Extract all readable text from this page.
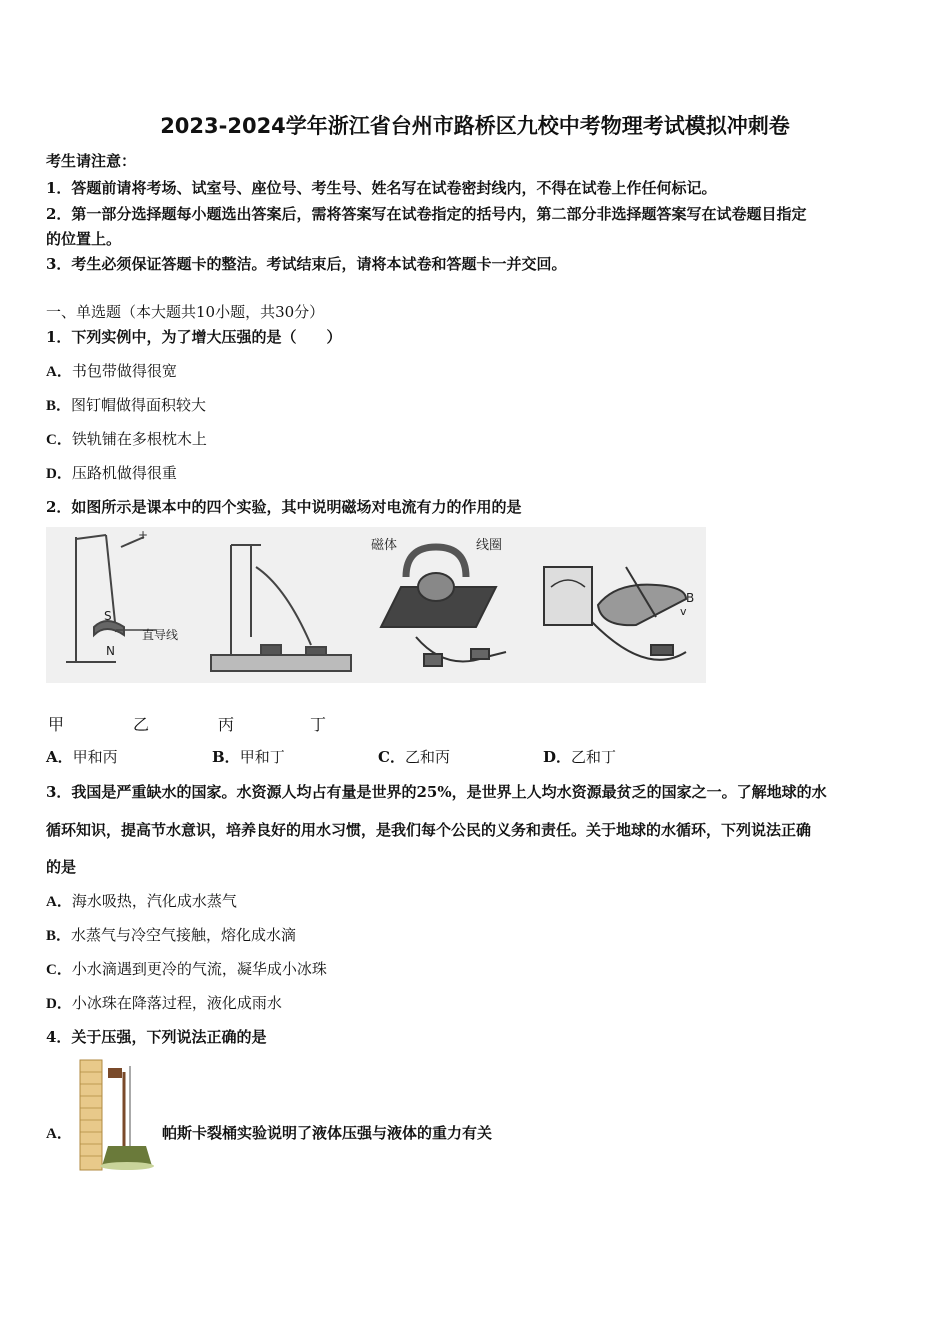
2023-2024学年浙江省台州市路桥区九校中考物理考试模拟冲刺卷
考生请注意：
1．答题前请将考场、试室号、座位号、考生号、姓名写在试卷密封线内，不得在试卷上作任何标记。
2．第一部分选择题每小题选出答案后，需将答案写在试卷指定的括号内，第二部分非选择题答案写在试卷题目指定
的位置上。
3．考生必须保证答题卡的整洁。考试结束后，请将本试卷和答题卡一并交回。
一、单选题（本大题共10小题，共30分）
1．下列实例中，为了增大压强的是（　　）
A．书包带做得很宽
B．图钉帽做得面积较大
C．铁轨铺在多根枕木上
D．压路机做得很重
2．如图所示是课本中的四个实验，其中说明磁场对电流有力的作用的是
+
S
N
直导线
磁体	线圈
B
v
甲	乙	丙	丁
A．甲和丙	B．甲和丁	C．乙和丙	D．乙和丁
3．我国是严重缺水的国家。水资源人均占有量是世界的25%，是世界上人均水资源最贫乏的国家之一。了解地球的水
循环知识，提高节水意识，培养良好的用水习惯，是我们每个公民的义务和责任。关于地球的水循环，下列说法正确
的是
A．海水吸热，汽化成水蒸气
B．水蒸气与冷空气接触，熔化成水滴
C．小水滴遇到更冷的气流，凝华成小冰珠
D．小冰珠在降落过程，液化成雨水
4．关于压强，下列说法正确的是
A．	帕斯卡裂桶实验说明了液体压强与液体的重力有关
